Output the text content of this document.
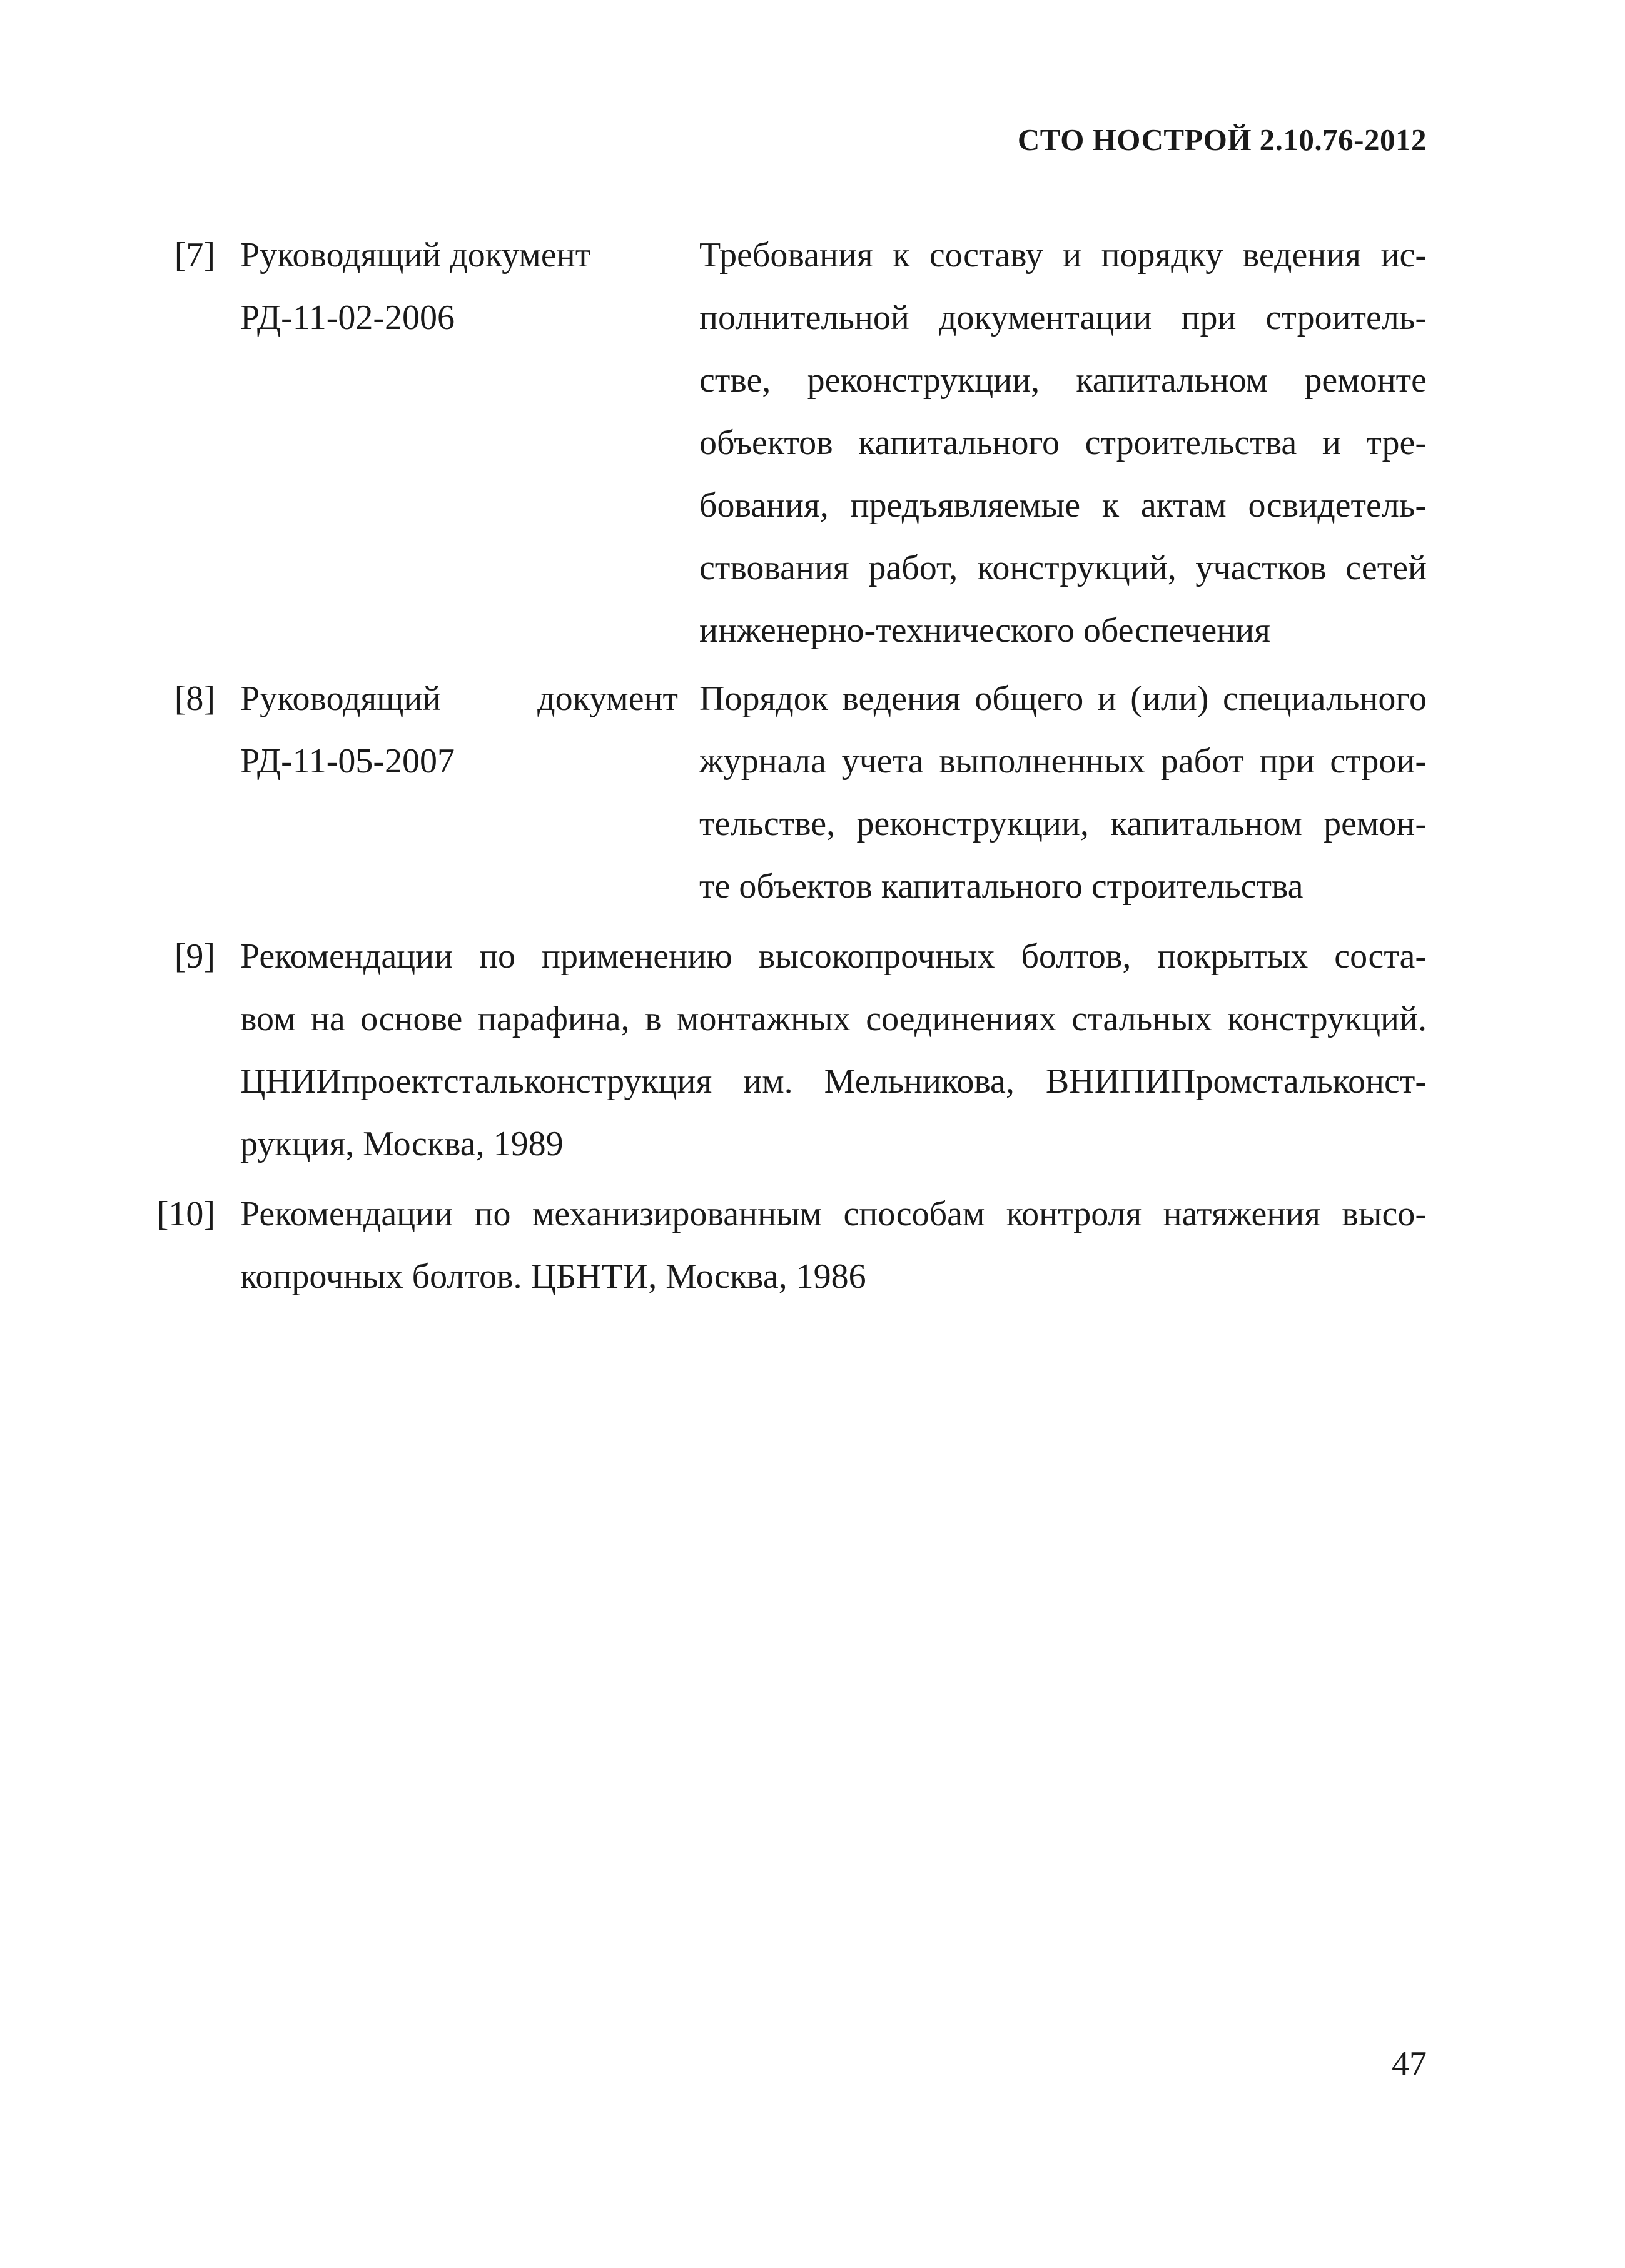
СТО НОСТРОЙ 2.10.76-2012
[7] Руководящий документ
РД-11-02-2006
Требования к составу и порядку ведения ис-
полнительной документации при строитель-
стве, реконструкции, капитальном ремонте
объектов капитального строительства и тре-
бования, предъявляемые к актам освидетель-
ствования работ, конструкций, участков сетей
инженерно-технического обеспечения
[8] Руководящий	документ
РД-11-05-2007
Порядок ведения общего и (или) специального
журнала учета выполненных работ при строи-
тельстве, реконструкции, капитальном ремон-
те объектов капитального строительства
[9] Рекомендации по применению высокопрочных болтов, покрытых соста-
вом на основе парафина, в монтажных соединениях стальных конструкций.
ЦНИИпроектстальконструкция им. Мельникова, ВНИПИПромстальконст-
рукция, Москва, 1989
[10] Рекомендации по механизированным способам контроля натяжения высо-
копрочных болтов. ЦБНТИ, Москва, 1986
47
